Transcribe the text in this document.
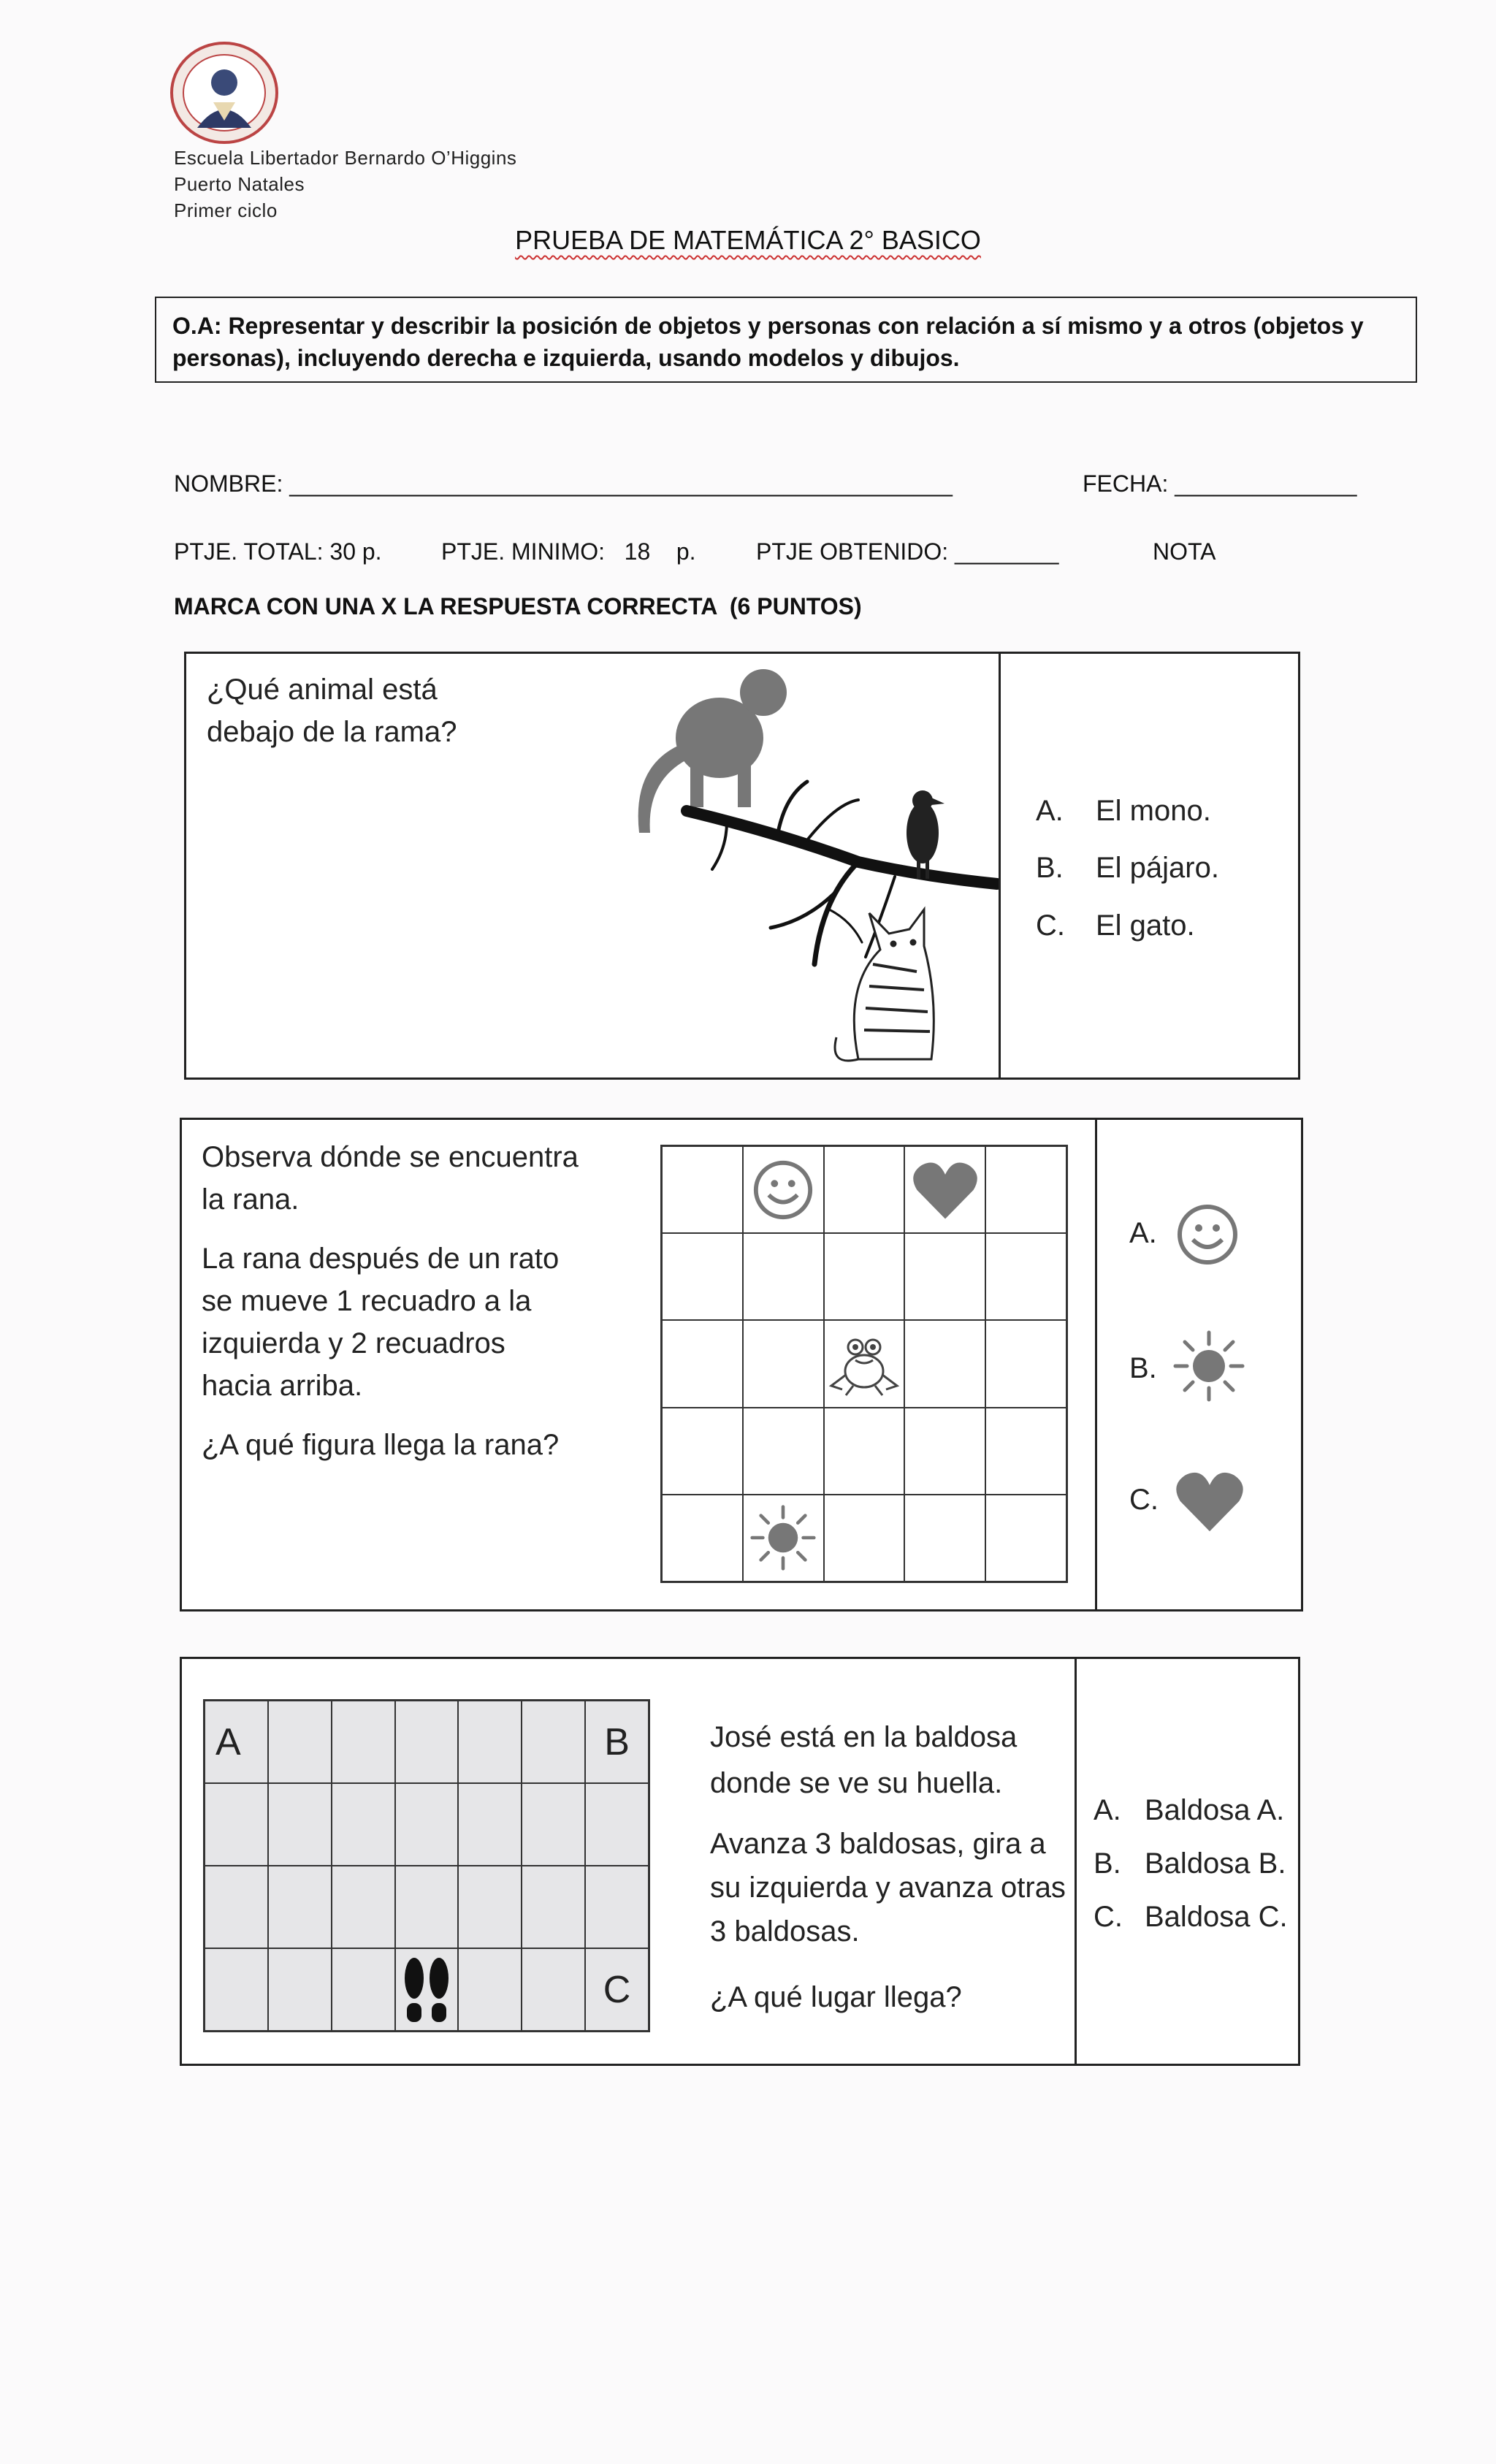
Escuela Libertador Bernardo O’Higgins
Puerto Natales
Primer ciclo
PRUEBA DE MATEMÁTICA 2° BASICO
O.A: Representar y describir la posición de objetos y personas con relación a sí mismo y a otros (objetos y personas), incluyendo derecha e izquierda, usando modelos y dibujos.
NOMBRE: ___________________________________________________	FECHA: ______________
PTJE. TOTAL: 30 p.	PTJE. MINIMO:   18    p.	PTJE OBTENIDO: ________	NOTA
MARCA CON UNA X LA RESPUESTA CORRECTA  (6 PUNTOS)
¿Qué animal está
debajo de la rama?
A. El mono.
B. El pájaro.
C. El gato.
Observa dónde se encuentra
la rana.
La rana después de un rato
se mueve 1 recuadro a la
izquierda y 2 recuadros
hacia arriba.
¿A qué figura llega la rana?
A.
B.
C.
A	B
C
José está en la baldosa
donde se ve su huella.
Avanza 3 baldosas, gira a
su izquierda y avanza otras
3 baldosas.
¿A qué lugar llega?
A. Baldosa A.
B. Baldosa B.
C. Baldosa C.
